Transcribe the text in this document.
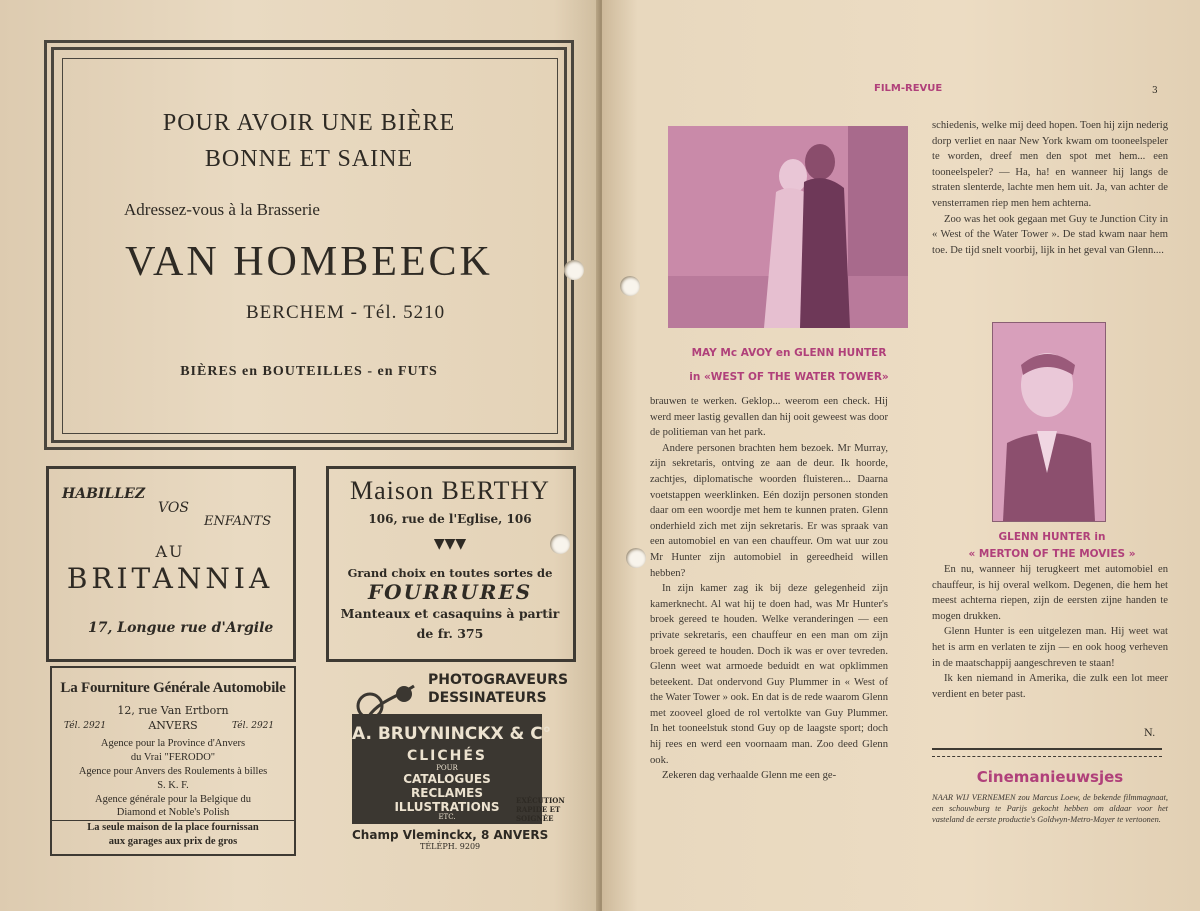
POUR AVOIR UNE BIÈRE
BONNE ET SAINE
Adressez-vous à la Brasserie
VAN HOMBEECK
BERCHEM - Tél. 5210
BIÈRES en BOUTEILLES - en FUTS
HABILLEZ
VOS
ENFANTS
AU
BRITANNIA
17, Longue rue d'Argile
Maison BERTHY
106, rue de l'Eglise, 106
▼▼▼
Grand choix en toutes sortes de
FOURRURES
Manteaux et casaquins à partir
de fr. 375
La Fourniture Générale Automobile
12, rue Van Ertborn
Tél. 2921	ANVERS	Tél. 2921
Agence pour la Province d'Anvers
du Vrai "FERODO"
Agence pour Anvers des Roulements à billes
S. K. F.
Agence générale pour la Belgique du
Diamond et Noble's Polish
La seule maison de la place fournissan
aux garages aux prix de gros
PHOTOGRAVEURS
DESSINATEURS
A. BRUYNINCKX & C°
CLICHÉS
POUR
CATALOGUES
RECLAMES
ILLUSTRATIONS
ETC.
EXÉCUTION
RAPIDE ET
SOIGNÉE
Champ Vleminckx, 8 ANVERS
TÉLÉPH. 9209
FILM-REVUE	3
MAY Mc AVOY en GLENN HUNTER
in «WEST OF THE WATER TOWER»

brauwen te werken. Geklop... weerom een check. Hij werd meer lastig gevallen dan hij ooit geweest was door de politieman van het park.

Andere personen brachten hem bezoek. Mr Murray, zijn sekretaris, ontving ze aan de deur. Ik hoorde, zachtjes, diplomatische woorden fluisteren... Daarna voetstappen weerklinken. Eén dozijn personen stonden daar om een woordje met hem te kunnen praten. Glenn onderhield zich met zijn sekretaris. Er was spraak van een automobiel en van een chauffeur. Om wat uur zou Mr Hunter zijn automobiel in gereedheid willen hebben?

In zijn kamer zag ik bij deze gelegenheid zijn kamerknecht. Al wat hij te doen had, was Mr Hunter's broek gereed te houden. Welke veranderingen — een private sekretaris, een chauffeur en een man om zijn broek gereed te houden. Doch ik was er over tevreden. Glenn weet wat armoede beduidt en wat opklimmen beteekent. Dat ondervond Guy Plummer in « West of the Water Tower » ook. En dat is de rede waarom Glenn met zooveel gloed de rol vertolkte van Guy Plummer. In het tooneelstuk stond Guy op de laagste sport; doch hij rees en werd een voornaam man. Zoo deed Glenn ook.

Zekeren dag verhaalde Glenn me een ge-

schiedenis, welke mij deed hopen. Toen hij zijn nederig dorp verliet en naar New York kwam om tooneelspeler te worden, dreef men den spot met hem... een tooneelspeler? — Ha, ha! en wanneer hij langs de straten slenterde, lachte men hem uit. Ja, van achter de vensterramen riep men hem achterna.

Zoo was het ook gegaan met Guy te Junction City in « West of the Water Tower ». De stad kwam naar hem toe. De tijd snelt voorbij, lijk in het geval van Glenn....

GLENN HUNTER in
« MERTON OF THE MOVIES »

En nu, wanneer hij terugkeert met automobiel en chauffeur, is hij overal welkom. Degenen, die hem het meest achterna riepen, zijn de eersten zijne handen te mogen drukken.

Glenn Hunter is een uitgelezen man. Hij weet wat het is arm en verlaten te zijn — en ook hoog verheven in de maatschappij aangeschreven te staan!

Ik ken niemand in Amerika, die zulk een lot meer verdient en beter past.

N.
Cinemanieuwsjes
NAAR WIJ VERNEMEN zou Marcus Loew, de bekende filmmagnaat, een schouwburg te Parijs gekocht hebben om aldaar voor het vasteland de eerste productie's Goldwyn-Metro-Mayer te vertoonen.
